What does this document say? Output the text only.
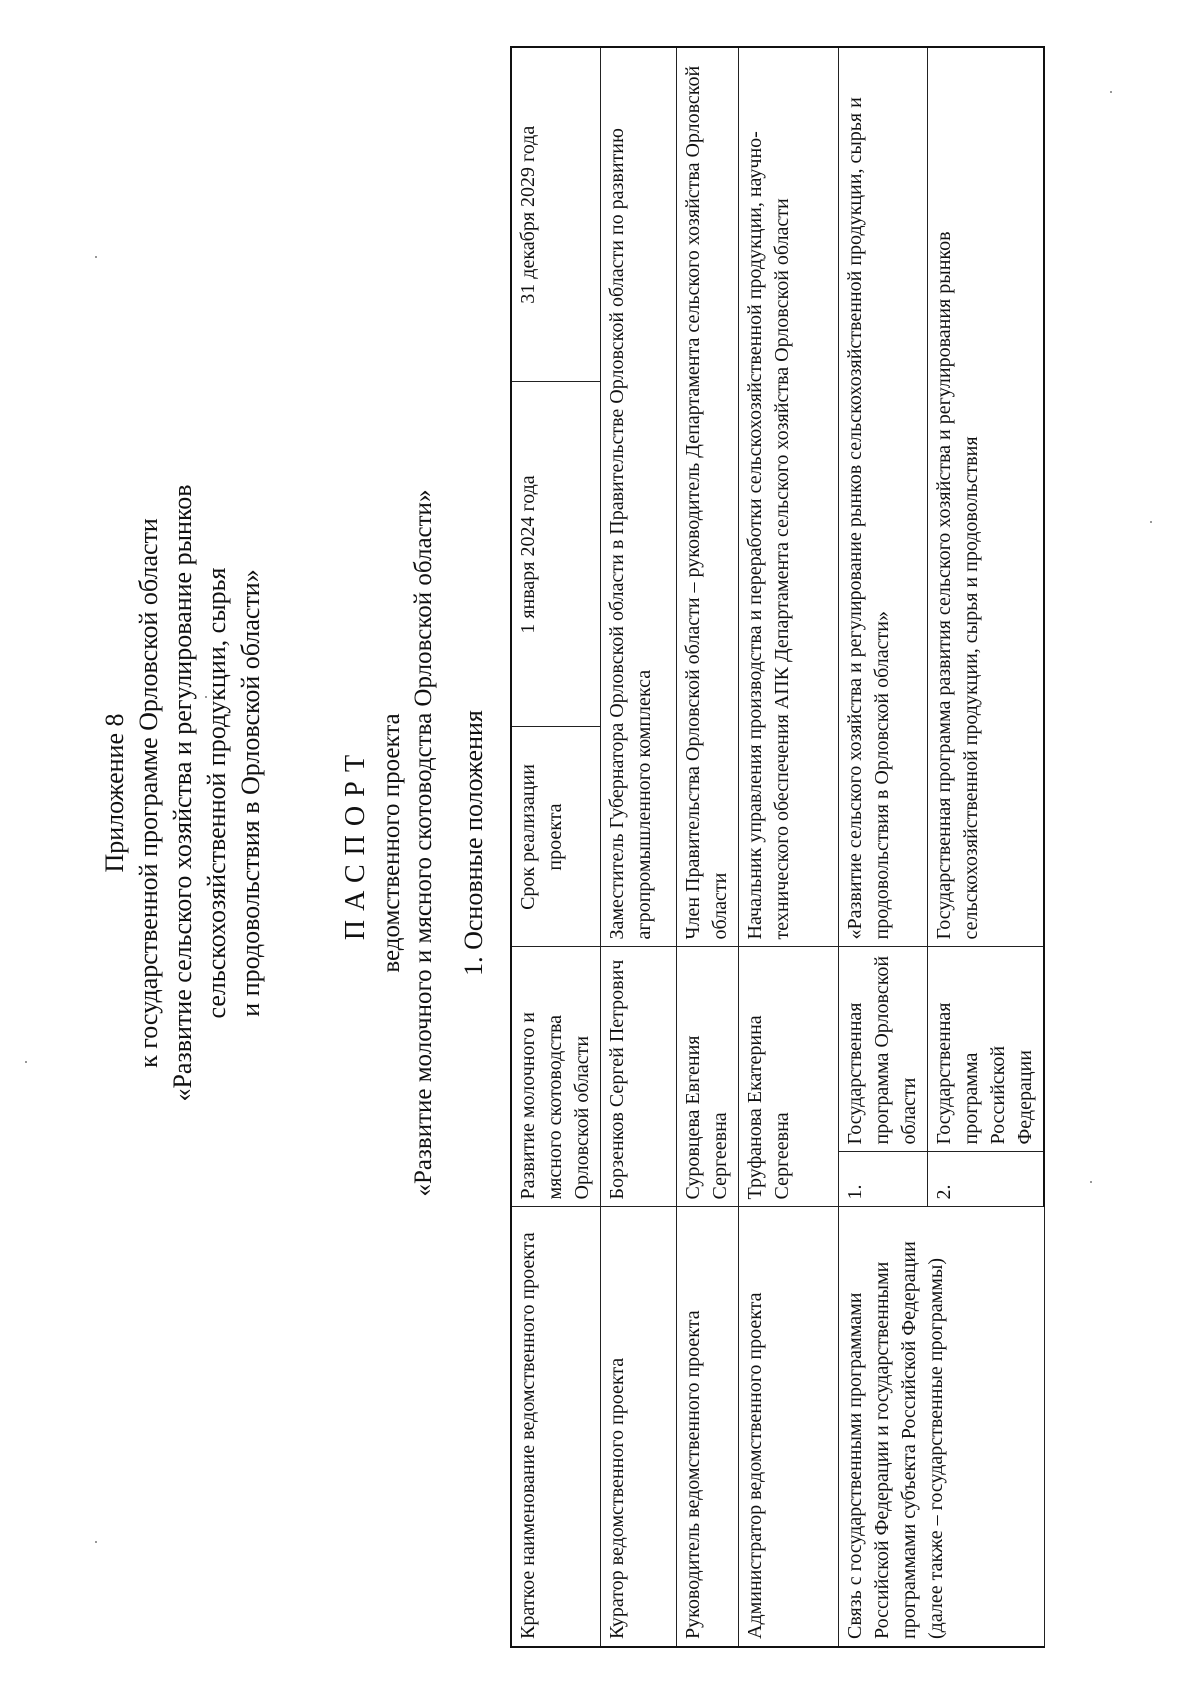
Приложение 8 к государственной программе Орловской области «Развитие сельского хозяйства и регулирование рынков сельскохозяйственной продукции, сырья и продовольствия в Орловской области»	ПАСПОРТ ведомственного проекта «Развитие молочного и мясного скотоводства Орловской области» 1. Основные положения
Краткое наименование ведомственного проекта	Развитие молочного и мясного скотоводства Орловской области		Срок реализации проекта	1 января 2024 года	31 декабря 2029 года
Куратор ведомственного проекта	Борзенков Сергей Петрович		Заместитель Губернатора Орловской области в Правительстве Орловской области по развитию агропромышленного комплекса		
Руководитель ведомственного проекта	Суровцева Евгения Сергеевна		Член Правительства Орловской области – руководитель Департамента сельского хозяйства Орловской области		
Администратор ведомственного проекта	Труфанова Екатерина Сергеевна		Начальник управления производства и переработки сельскохозяйственной продукции, научно-технического обеспечения АПК Департамента сельского хозяйства Орловской области		
Связь с государственными программами Российской Федерации и государственными программами субъекта Российской Федерации (далее также – государственные программы)	1.	Государственная программа Орловской области	«Развитие сельского хозяйства и регулирование рынков сельскохозяйственной продукции, сырья и продовольствия в Орловской области»		
	2.	Государственная программа Российской Федерации	Государственная программа развития сельского хозяйства и регулирования рынков сельскохозяйственной продукции, сырья и продовольствия		
